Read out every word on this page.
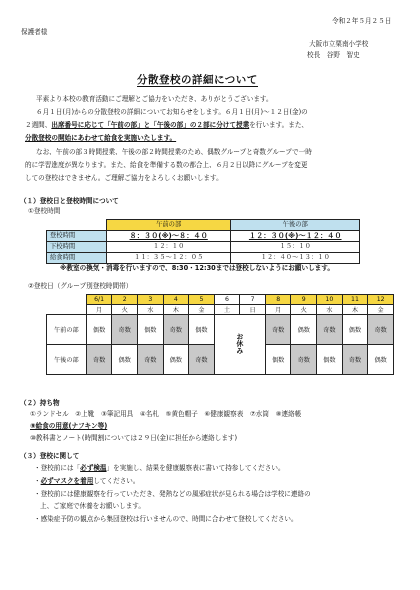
令和２年５月２５日
保護者様
大阪市立栗南小学校
校長　谷野　智史
分散登校の詳細について
平素より本校の教育活動にご理解とご協力をいただき、ありがとうございます。
６月１日(月)からの分散登校の詳細についてお知らせをします。６月１日(月)～１２日(金)の
２週間、出席番号に応じて「午前の部」と「午後の部」の２部に分けて授業を行います。また、
分散登校の開始にあわせて給食を実施いたします。
なお、午前の部３時間授業、午後の部２時間授業のため、偶数グループと奇数グループで一時
的に学習進度が異なります。また、給食を準備する数の都合上、６月２日以降にグループを変更
しての登校はできません。ご理解ご協力をよろしくお願いします。
（１）登校日と登校時間について
①登校時間
	午前の部	午後の部
登校時間	８：３０(※)～８：４０	１２：３０(※)～１２：４０
下校時間	１２：１０	１５：１０
給食時間	１１：３５～１２：０５	１２：４０～１３：１０
※教室の換気・消毒を行いますので、8:30・12:30までは登校しないようにお願いします。
②登校日（グループ別登校時間帯）
	6/1	2	3	4	5	6	7	8	9	10	11	12
	月	火	水	木	金	土	日	月	火	水	木	金
午前の部	偶数	奇数	偶数	奇数	偶数	お休み		奇数	偶数	奇数	偶数	奇数
午後の部	奇数	偶数	奇数	偶数	奇数			偶数	奇数	偶数	奇数	偶数
（２）持ち物
①ランドセル　②上靴　③筆記用具　④名札　⑤黄色帽子　⑥健康観察表　⑦水筒　⑧連絡帳
⑨給食の用意(ナフキン等)
⑩教科書とノート(時間割については２９日(金)に担任から連絡します)
（３）登校に関して
・登校前には「必ず検温」を実施し、結果を健康観察表に書いて持参してください。
・必ずマスクを着用してください。
・登校前には健康観察を行っていただき、発熱などの風邪症状が見られる場合は学校に連絡の
上、ご家庭で休養をお願いします。
・感染症予防の観点から集団登校は行いませんので、時間に合わせて登校してください。
